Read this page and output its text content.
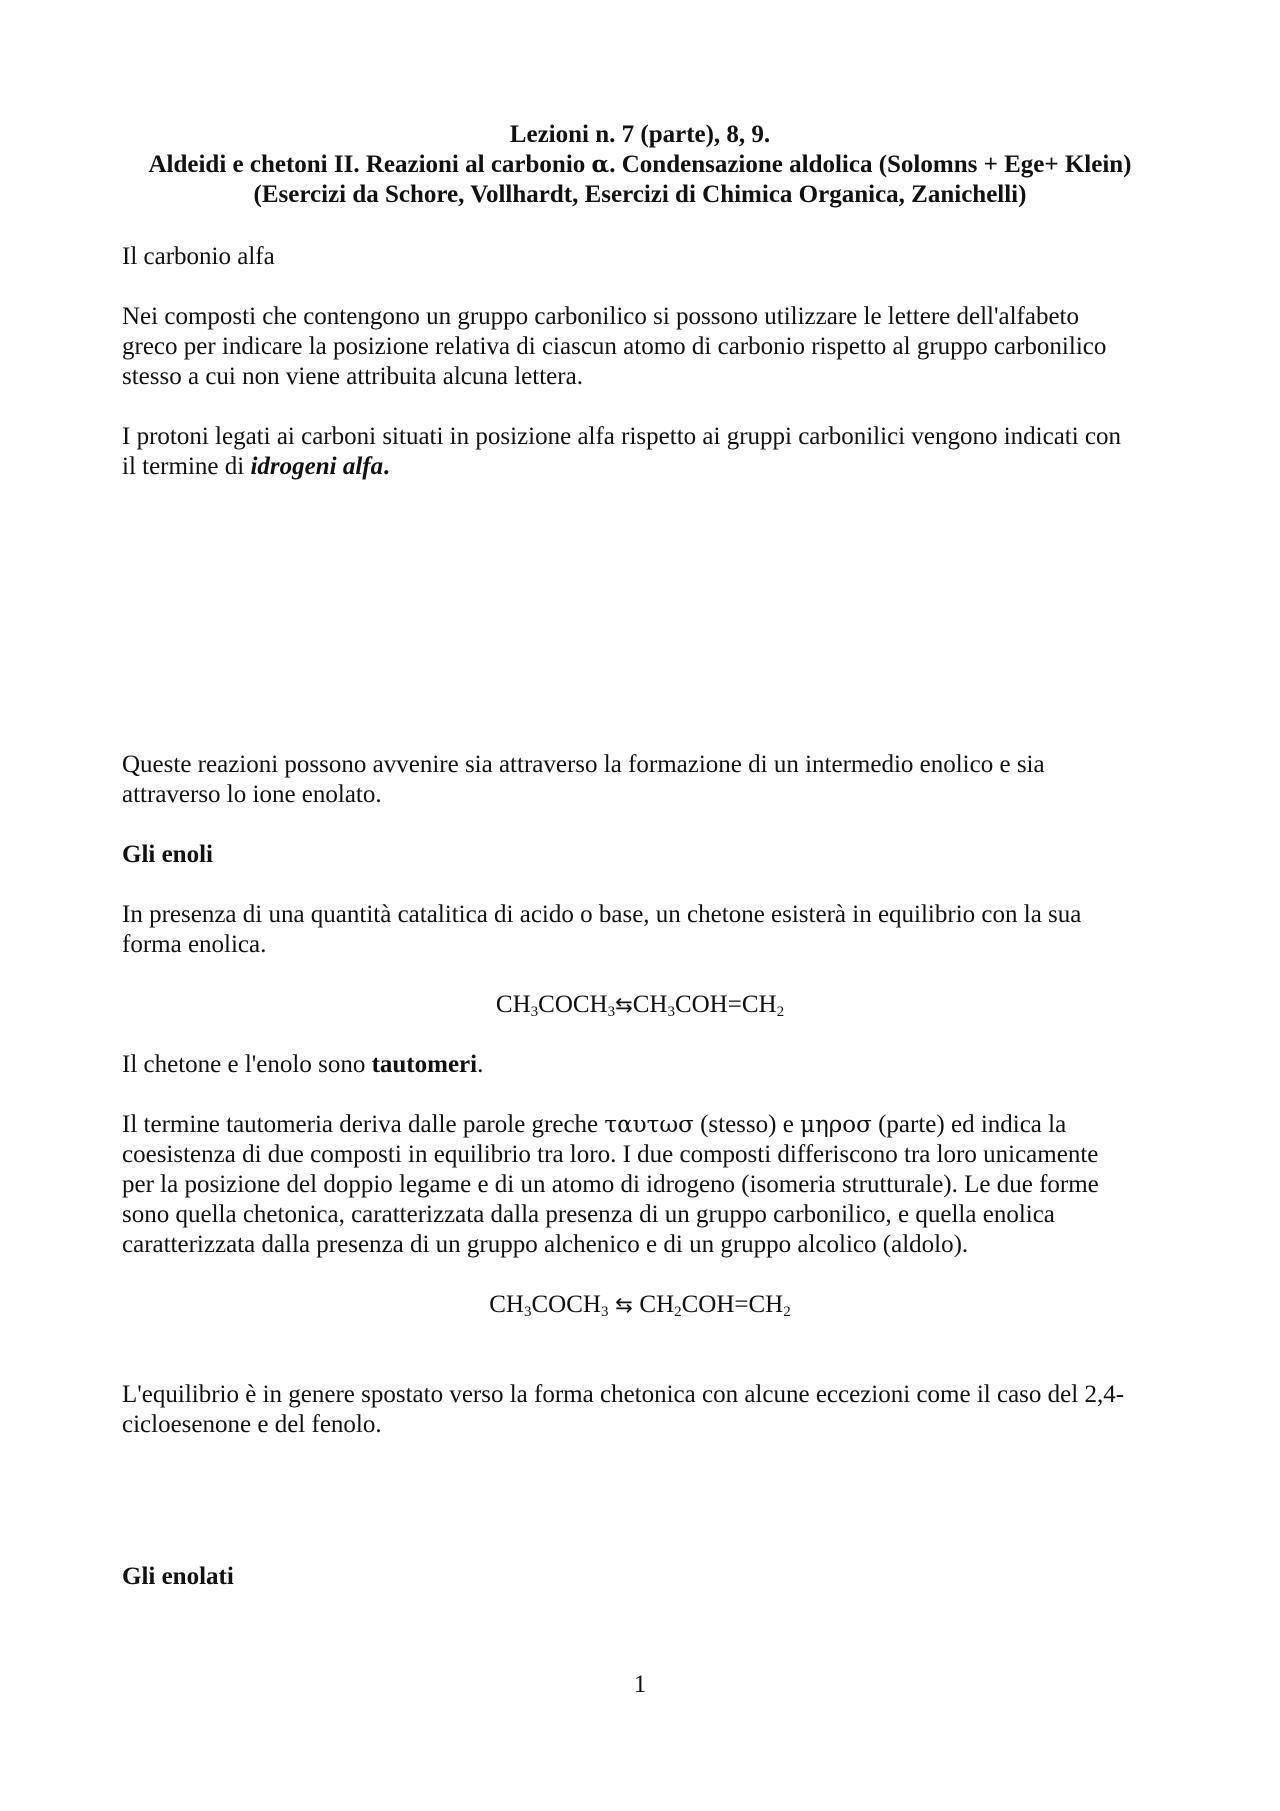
Lezioni n. 7 (parte), 8, 9.
Aldeidi e chetoni II. Reazioni al carbonio α. Condensazione aldolica (Solomns + Ege+ Klein)
(Esercizi da Schore, Vollhardt, Esercizi di Chimica Organica, Zanichelli)
Il carbonio alfa
Nei composti che contengono un gruppo carbonilico si possono utilizzare le lettere dell'alfabeto
greco per indicare la posizione relativa di ciascun atomo di carbonio rispetto al gruppo carbonilico
stesso a cui non viene attribuita alcuna lettera.
I protoni legati ai carboni situati in posizione alfa rispetto ai gruppi carbonilici vengono indicati con
il termine di idrogeni alfa.
Queste reazioni possono avvenire sia attraverso la formazione di un intermedio enolico e sia
attraverso lo ione enolato.
Gli enoli
In presenza di una quantità catalitica di acido o base, un chetone esisterà in equilibrio con la sua
forma enolica.
$CH_3COCH_3⇆CH_3COH=CH_2$
Il chetone e l'enolo sono tautomeri.
Il termine tautomeria deriva dalle parole greche ταυτωσ (stesso) e μηροσ (parte) ed indica la
coesistenza di due composti in equilibrio tra loro. I due composti differiscono tra loro unicamente
per la posizione del doppio legame e di un atomo di idrogeno (isomeria strutturale). Le due forme
sono quella chetonica, caratterizzata dalla presenza di un gruppo carbonilico, e quella enolica
caratterizzata dalla presenza di un gruppo alchenico e di un gruppo alcolico (aldolo).
$CH_3COCH_3$ ⇆ $CH_2COH=CH_2$
L'equilibrio è in genere spostato verso la forma chetonica con alcune eccezioni come il caso del 2,4-
cicloesenone e del fenolo.
Gli enolati
1
